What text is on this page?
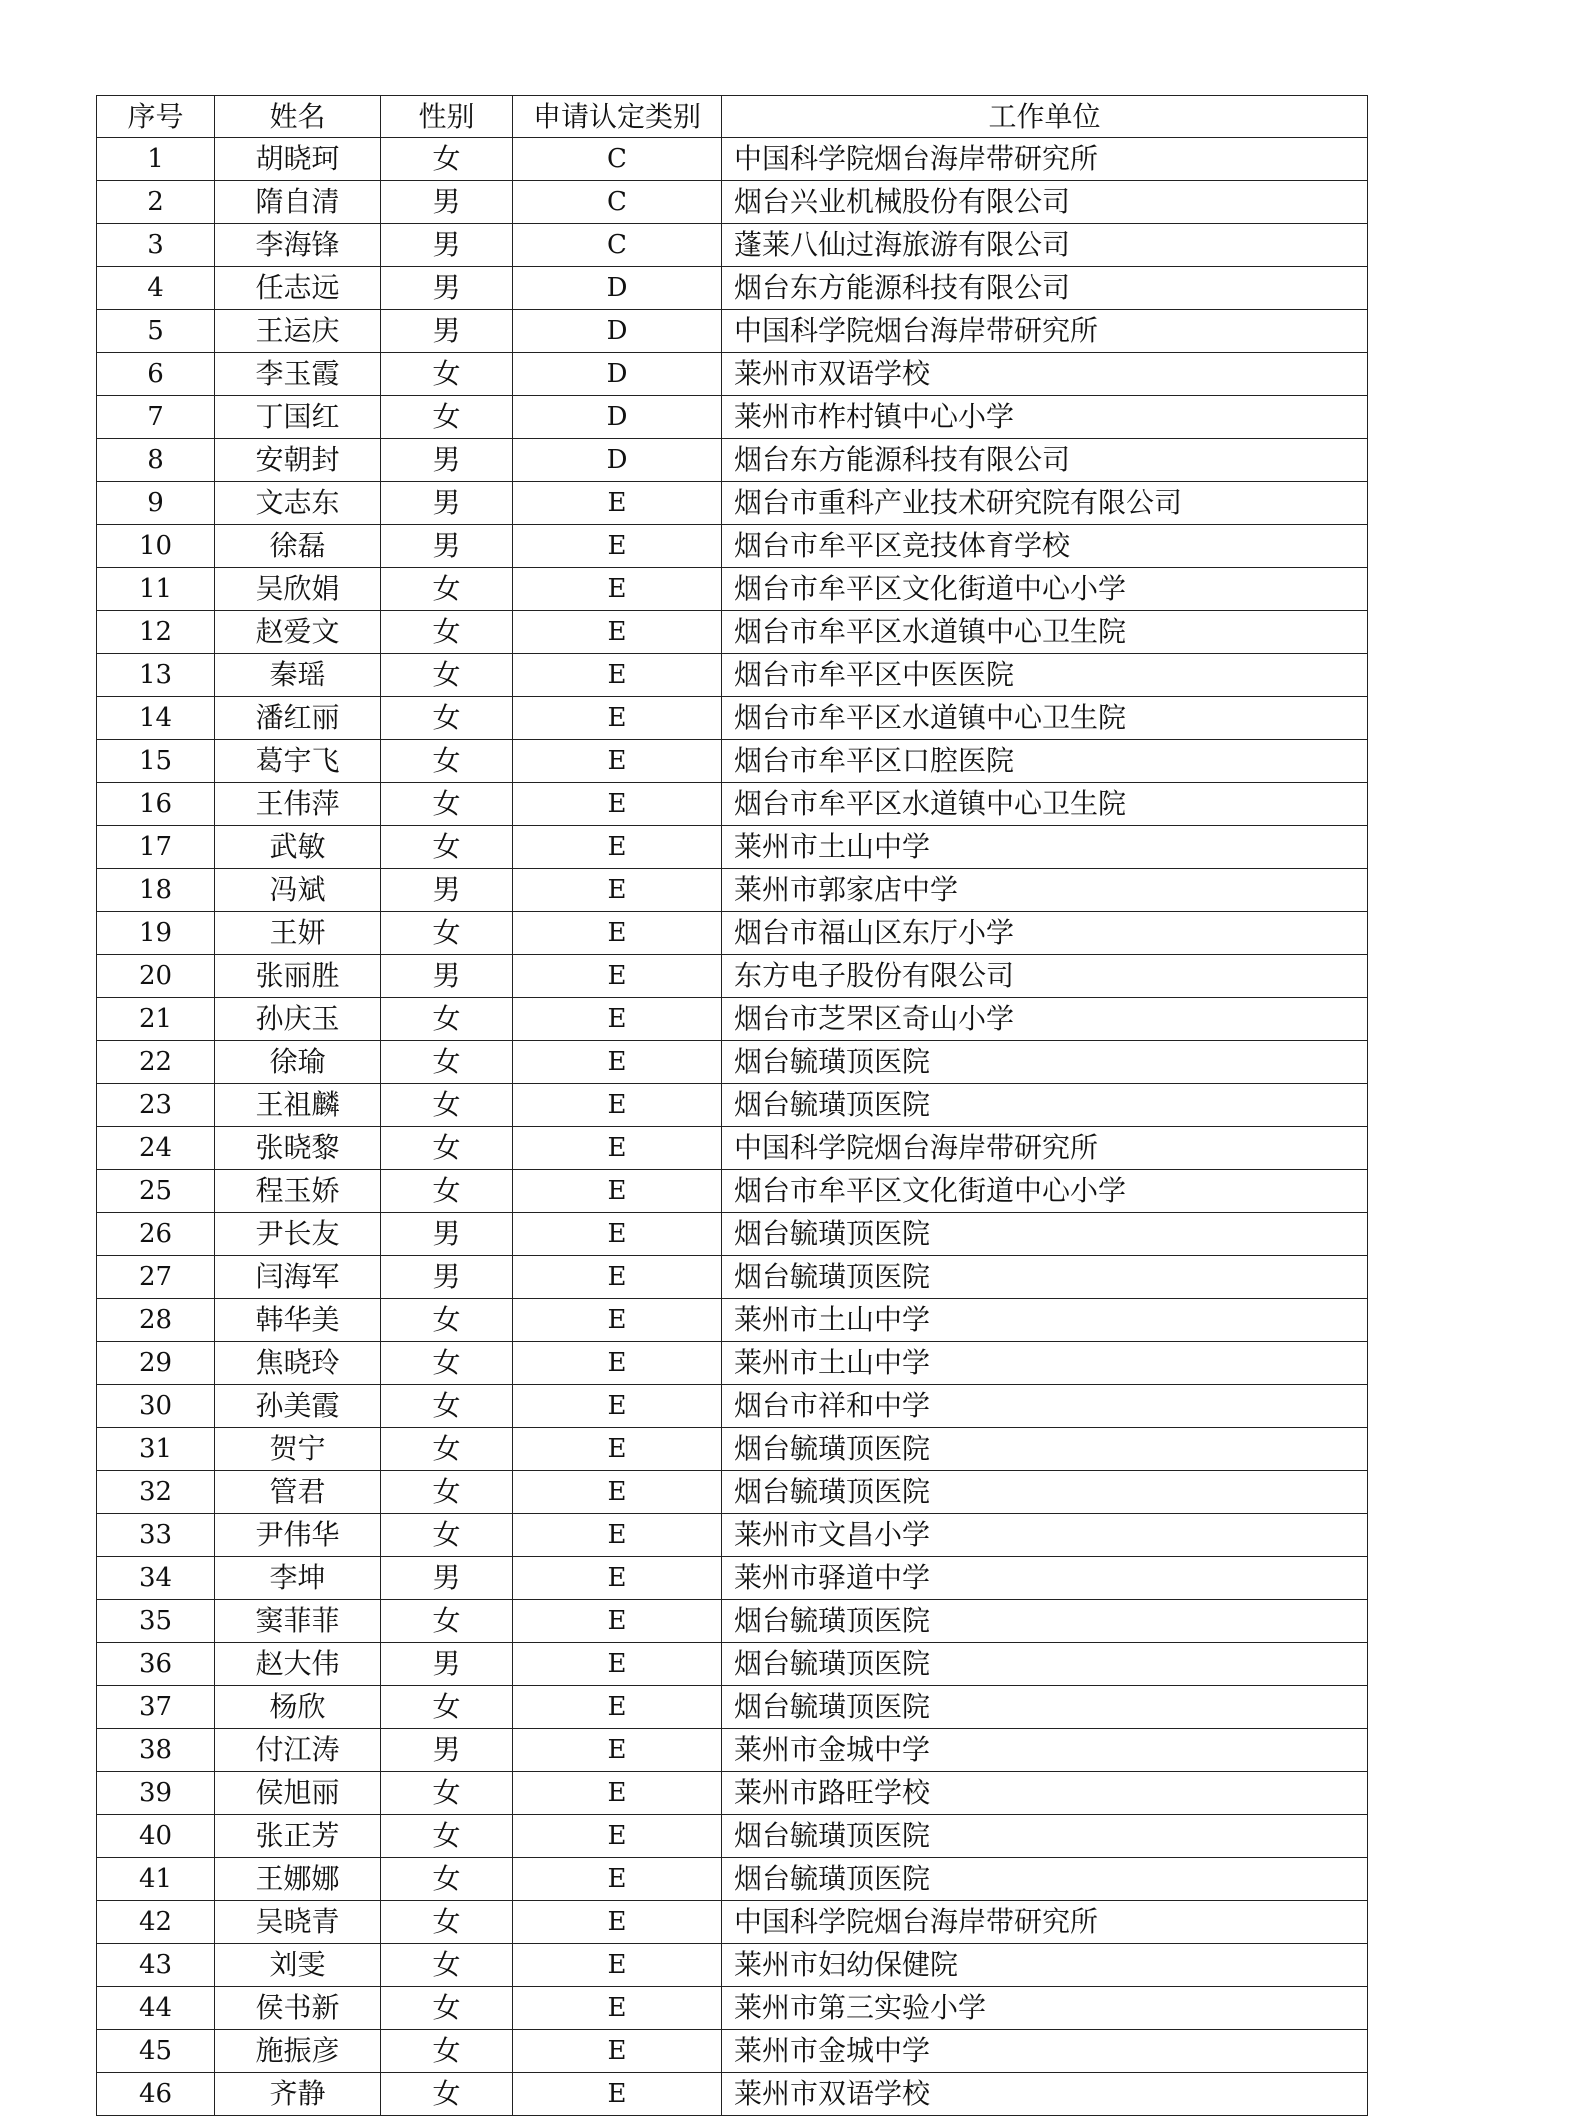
序号	姓名	性别	申请认定类别	工作单位
1	胡晓珂	女	C	中国科学院烟台海岸带研究所
2	隋自清	男	C	烟台兴业机械股份有限公司
3	李海锋	男	C	蓬莱八仙过海旅游有限公司
4	任志远	男	D	烟台东方能源科技有限公司
5	王运庆	男	D	中国科学院烟台海岸带研究所
6	李玉霞	女	D	莱州市双语学校
7	丁国红	女	D	莱州市柞村镇中心小学
8	安朝封	男	D	烟台东方能源科技有限公司
9	文志东	男	E	烟台市重科产业技术研究院有限公司
10	徐磊	男	E	烟台市牟平区竞技体育学校
11	吴欣娟	女	E	烟台市牟平区文化街道中心小学
12	赵爱文	女	E	烟台市牟平区水道镇中心卫生院
13	秦瑶	女	E	烟台市牟平区中医医院
14	潘红丽	女	E	烟台市牟平区水道镇中心卫生院
15	葛宇飞	女	E	烟台市牟平区口腔医院
16	王伟萍	女	E	烟台市牟平区水道镇中心卫生院
17	武敏	女	E	莱州市土山中学
18	冯斌	男	E	莱州市郭家店中学
19	王妍	女	E	烟台市福山区东厅小学
20	张丽胜	男	E	东方电子股份有限公司
21	孙庆玉	女	E	烟台市芝罘区奇山小学
22	徐瑜	女	E	烟台毓璜顶医院
23	王祖麟	女	E	烟台毓璜顶医院
24	张晓黎	女	E	中国科学院烟台海岸带研究所
25	程玉娇	女	E	烟台市牟平区文化街道中心小学
26	尹长友	男	E	烟台毓璜顶医院
27	闫海军	男	E	烟台毓璜顶医院
28	韩华美	女	E	莱州市土山中学
29	焦晓玲	女	E	莱州市土山中学
30	孙美霞	女	E	烟台市祥和中学
31	贺宁	女	E	烟台毓璜顶医院
32	管君	女	E	烟台毓璜顶医院
33	尹伟华	女	E	莱州市文昌小学
34	李坤	男	E	莱州市驿道中学
35	窦菲菲	女	E	烟台毓璜顶医院
36	赵大伟	男	E	烟台毓璜顶医院
37	杨欣	女	E	烟台毓璜顶医院
38	付江涛	男	E	莱州市金城中学
39	侯旭丽	女	E	莱州市路旺学校
40	张正芳	女	E	烟台毓璜顶医院
41	王娜娜	女	E	烟台毓璜顶医院
42	吴晓青	女	E	中国科学院烟台海岸带研究所
43	刘雯	女	E	莱州市妇幼保健院
44	侯书新	女	E	莱州市第三实验小学
45	施振彦	女	E	莱州市金城中学
46	齐静	女	E	莱州市双语学校
